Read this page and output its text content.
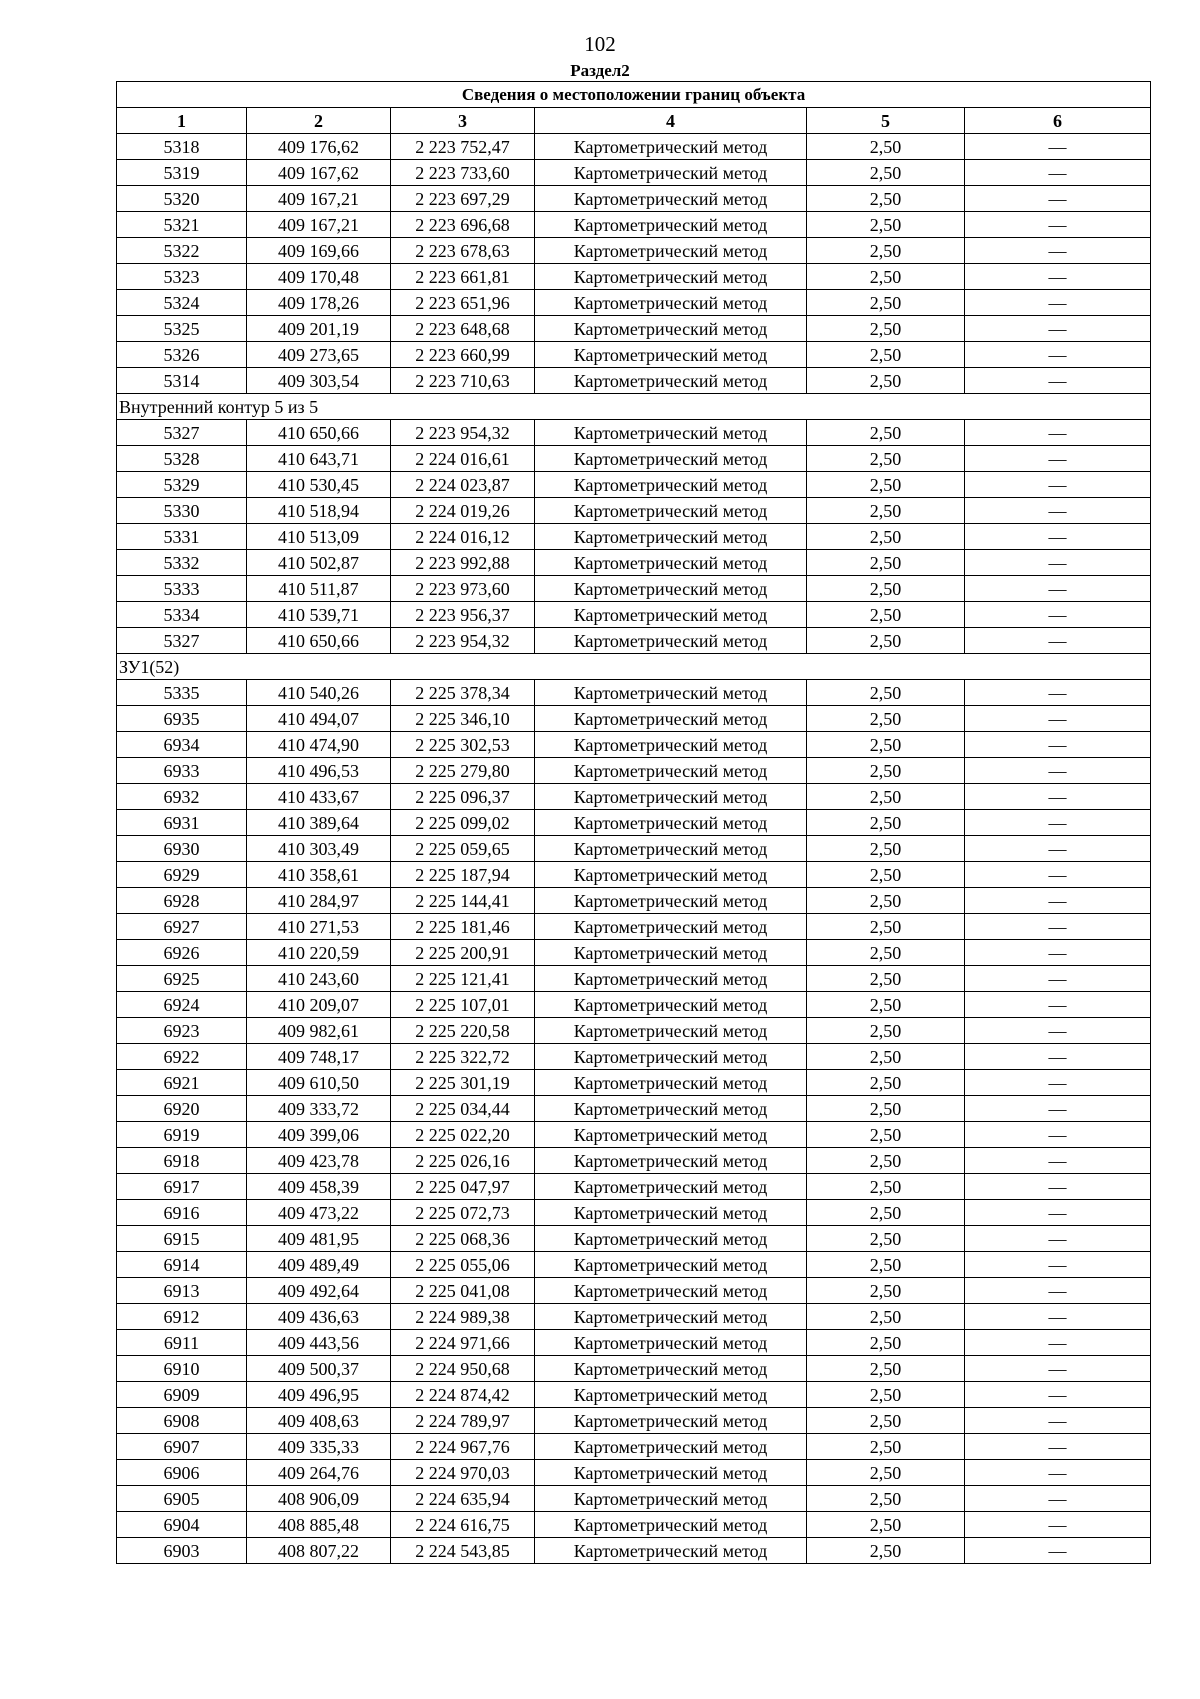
102
Раздел2
Сведения о местоположении границ объекта					
1	2	3	4	5	6
5318	409 176,62	2 223 752,47	Картометрический метод	2,50	—
5319	409 167,62	2 223 733,60	Картометрический метод	2,50	—
5320	409 167,21	2 223 697,29	Картометрический метод	2,50	—
5321	409 167,21	2 223 696,68	Картометрический метод	2,50	—
5322	409 169,66	2 223 678,63	Картометрический метод	2,50	—
5323	409 170,48	2 223 661,81	Картометрический метод	2,50	—
5324	409 178,26	2 223 651,96	Картометрический метод	2,50	—
5325	409 201,19	2 223 648,68	Картометрический метод	2,50	—
5326	409 273,65	2 223 660,99	Картометрический метод	2,50	—
5314	409 303,54	2 223 710,63	Картометрический метод	2,50	—
Внутренний контур 5 из 5					
5327	410 650,66	2 223 954,32	Картометрический метод	2,50	—
5328	410 643,71	2 224 016,61	Картометрический метод	2,50	—
5329	410 530,45	2 224 023,87	Картометрический метод	2,50	—
5330	410 518,94	2 224 019,26	Картометрический метод	2,50	—
5331	410 513,09	2 224 016,12	Картометрический метод	2,50	—
5332	410 502,87	2 223 992,88	Картометрический метод	2,50	—
5333	410 511,87	2 223 973,60	Картометрический метод	2,50	—
5334	410 539,71	2 223 956,37	Картометрический метод	2,50	—
5327	410 650,66	2 223 954,32	Картометрический метод	2,50	—
ЗУ1(52)					
5335	410 540,26	2 225 378,34	Картометрический метод	2,50	—
6935	410 494,07	2 225 346,10	Картометрический метод	2,50	—
6934	410 474,90	2 225 302,53	Картометрический метод	2,50	—
6933	410 496,53	2 225 279,80	Картометрический метод	2,50	—
6932	410 433,67	2 225 096,37	Картометрический метод	2,50	—
6931	410 389,64	2 225 099,02	Картометрический метод	2,50	—
6930	410 303,49	2 225 059,65	Картометрический метод	2,50	—
6929	410 358,61	2 225 187,94	Картометрический метод	2,50	—
6928	410 284,97	2 225 144,41	Картометрический метод	2,50	—
6927	410 271,53	2 225 181,46	Картометрический метод	2,50	—
6926	410 220,59	2 225 200,91	Картометрический метод	2,50	—
6925	410 243,60	2 225 121,41	Картометрический метод	2,50	—
6924	410 209,07	2 225 107,01	Картометрический метод	2,50	—
6923	409 982,61	2 225 220,58	Картометрический метод	2,50	—
6922	409 748,17	2 225 322,72	Картометрический метод	2,50	—
6921	409 610,50	2 225 301,19	Картометрический метод	2,50	—
6920	409 333,72	2 225 034,44	Картометрический метод	2,50	—
6919	409 399,06	2 225 022,20	Картометрический метод	2,50	—
6918	409 423,78	2 225 026,16	Картометрический метод	2,50	—
6917	409 458,39	2 225 047,97	Картометрический метод	2,50	—
6916	409 473,22	2 225 072,73	Картометрический метод	2,50	—
6915	409 481,95	2 225 068,36	Картометрический метод	2,50	—
6914	409 489,49	2 225 055,06	Картометрический метод	2,50	—
6913	409 492,64	2 225 041,08	Картометрический метод	2,50	—
6912	409 436,63	2 224 989,38	Картометрический метод	2,50	—
6911	409 443,56	2 224 971,66	Картометрический метод	2,50	—
6910	409 500,37	2 224 950,68	Картометрический метод	2,50	—
6909	409 496,95	2 224 874,42	Картометрический метод	2,50	—
6908	409 408,63	2 224 789,97	Картометрический метод	2,50	—
6907	409 335,33	2 224 967,76	Картометрический метод	2,50	—
6906	409 264,76	2 224 970,03	Картометрический метод	2,50	—
6905	408 906,09	2 224 635,94	Картометрический метод	2,50	—
6904	408 885,48	2 224 616,75	Картометрический метод	2,50	—
6903	408 807,22	2 224 543,85	Картометрический метод	2,50	—
